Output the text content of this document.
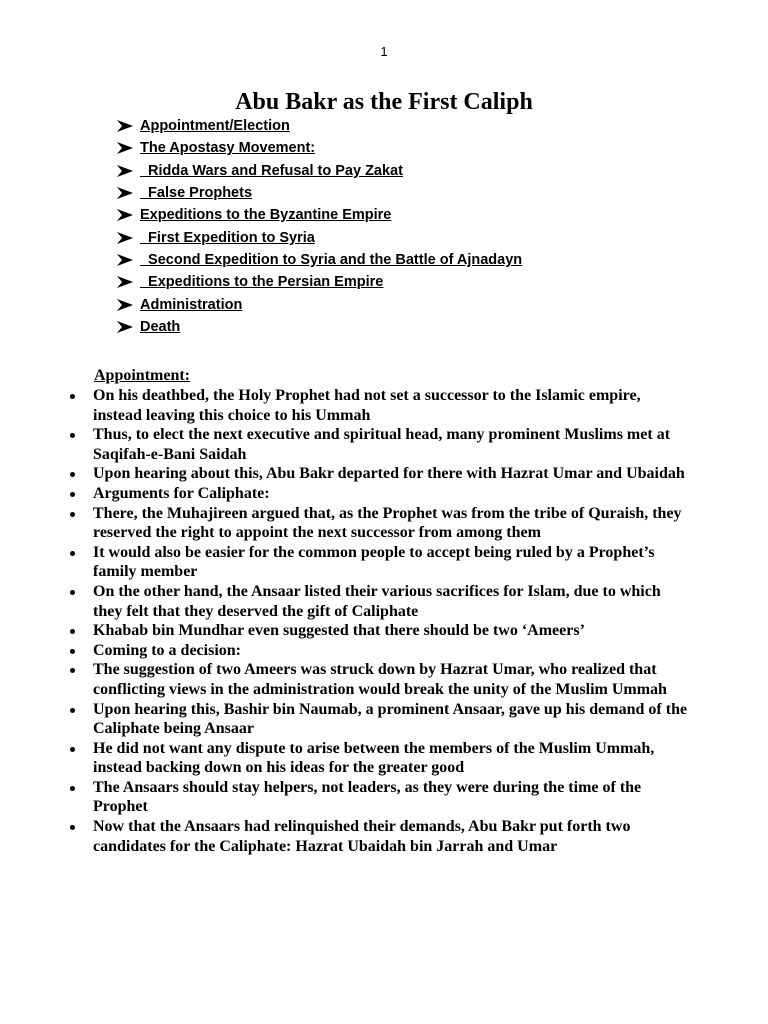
1
Abu Bakr as the First Caliph
Appointment/Election
The Apostasy Movement:
Ridda Wars and Refusal to Pay Zakat
False Prophets
Expeditions to the Byzantine Empire
First Expedition to Syria
Second Expedition to Syria and the Battle of Ajnadayn
Expeditions to the Persian Empire
Administration
Death
Appointment:
On his deathbed, the Holy Prophet had not set a successor to the Islamic empire, instead leaving this choice to his Ummah
Thus, to elect the next executive and spiritual head, many prominent Muslims met at Saqifah-e-Bani Saidah
Upon hearing about this, Abu Bakr departed for there with Hazrat Umar and Ubaidah
Arguments for Caliphate:
There, the Muhajireen argued that, as the Prophet was from the tribe of Quraish, they reserved the right to appoint the next successor from among them
It would also be easier for the common people to accept being ruled by a Prophet’s family member
On the other hand, the Ansaar listed their various sacrifices for Islam, due to which they felt that they deserved the gift of Caliphate
Khabab bin Mundhar even suggested that there should be two ‘Ameers’
Coming to a decision:
The suggestion of two Ameers was struck down by Hazrat Umar, who realized that conflicting views in the administration would break the unity of the Muslim Ummah
Upon hearing this, Bashir bin Naumab, a prominent Ansaar, gave up his demand of the Caliphate being Ansaar
He did not want any dispute to arise between the members of the Muslim Ummah, instead backing down on his ideas for the greater good
The Ansaars should stay helpers, not leaders, as they were during the time of the Prophet
Now that the Ansaars had relinquished their demands, Abu Bakr put forth two candidates for the Caliphate: Hazrat Ubaidah bin Jarrah and Umar
